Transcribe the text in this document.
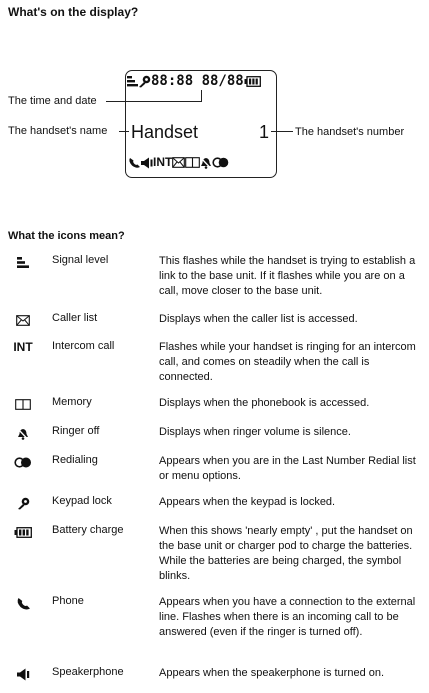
What's on the display?
What the icons mean?
88:88 88/88
Handset	1
INT
The time and date
The handset's name	The handset's number
Signal level	This flashes while the handset is trying to establish a link to the base unit. If it flashes while you are on a call, move closer to the base unit.
Caller list	Displays when the caller list is accessed.
INT	Intercom call	Flashes while your handset is ringing for an intercom call, and comes on steadily when the call is connected.
Memory	Displays when the phonebook is accessed.
Ringer off	Displays when ringer volume is silence.
Redialing	Appears when you are in the Last Number Redial list or menu options.
Keypad lock	Appears when the keypad is locked.
Battery charge	When this shows 'nearly empty' , put the handset on the base unit or charger pod to charge the batteries. While the batteries are being charged, the symbol blinks.
Phone	Appears when you have a connection to the external line. Flashes when there is an incoming call to be answered (even if the ringer is turned off).
Speakerphone	Appears when the speakerphone is turned on.
